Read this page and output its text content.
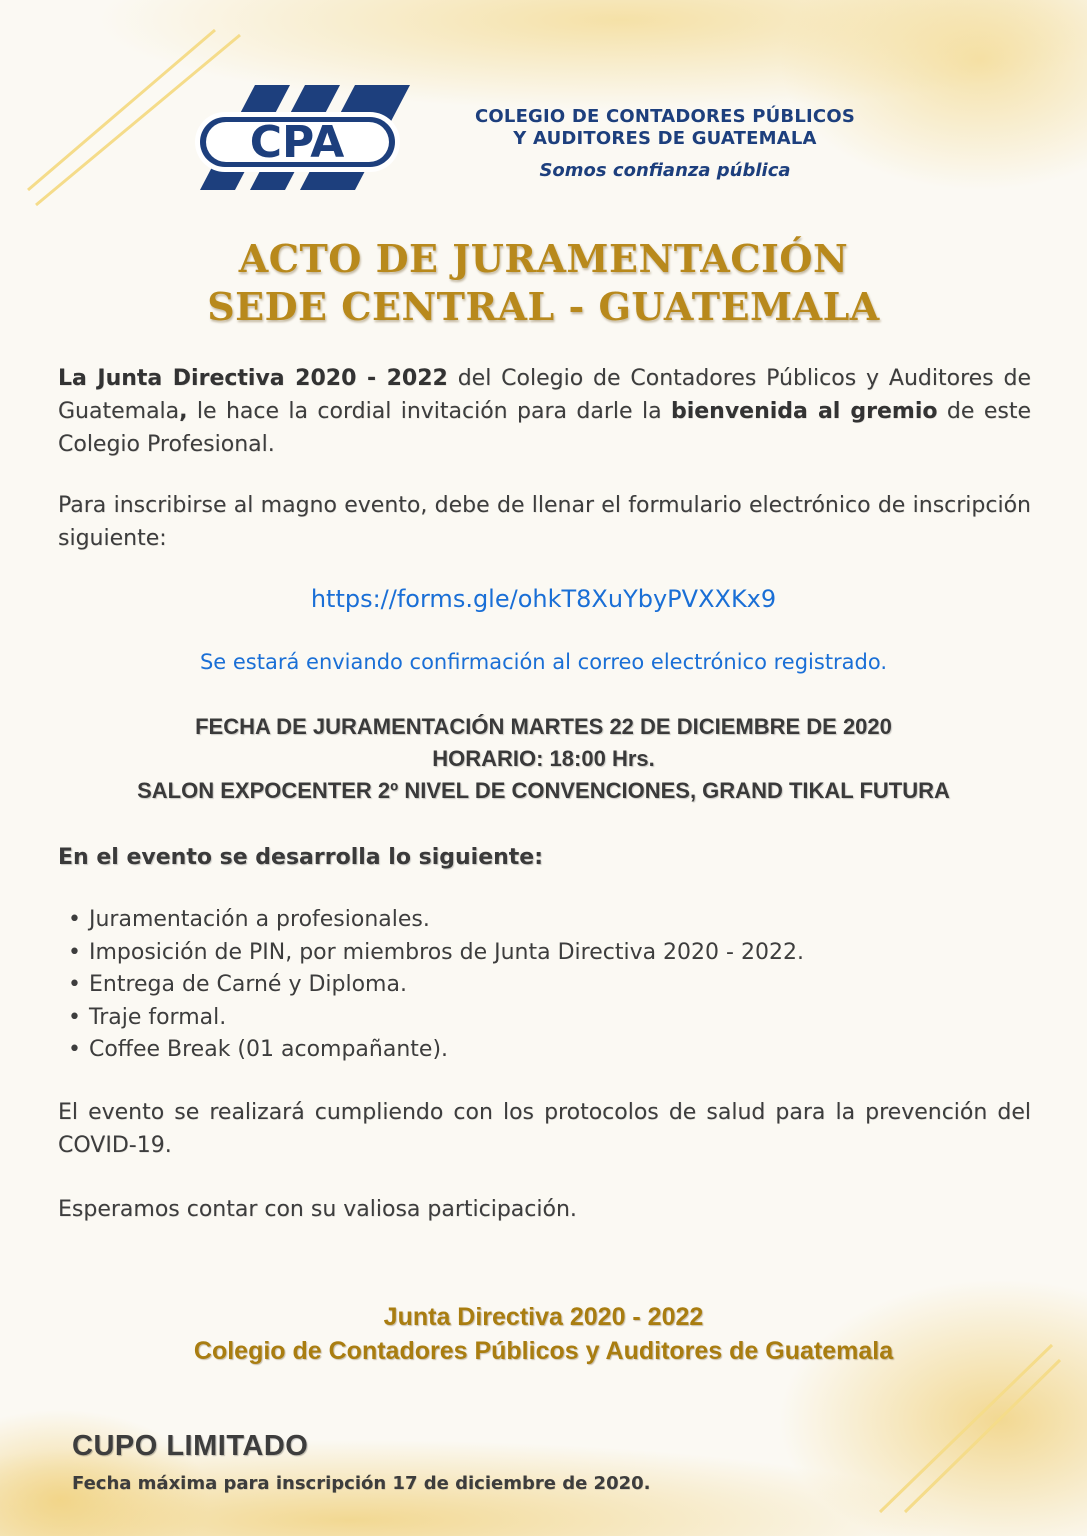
CPA
COLEGIO DE CONTADORES PÚBLICOS
Y AUDITORES DE GUATEMALA
Somos confianza pública
ACTO DE JURAMENTACIÓN
SEDE CENTRAL - GUATEMALA
La Junta Directiva 2020 - 2022 del Colegio de Contadores Públicos y Auditores de Guatemala, le hace la cordial invitación para darle la bienvenida al gremio de este Colegio Profesional.
Para inscribirse al magno evento, debe de llenar el formulario electrónico de inscripción siguiente:
https://forms.gle/ohkT8XuYbyPVXXKx9
Se estará enviando confirmación al correo electrónico registrado.
FECHA DE JURAMENTACIÓN MARTES 22 DE DICIEMBRE DE 2020
HORARIO: 18:00 Hrs.
SALON EXPOCENTER 2º NIVEL DE CONVENCIONES, GRAND TIKAL FUTURA
En el evento se desarrolla lo siguiente:
• Juramentación a profesionales.
• Imposición de PIN, por miembros de Junta Directiva 2020 - 2022.
• Entrega de Carné y Diploma.
• Traje formal.
• Coffee Break (01 acompañante).
El evento se realizará cumpliendo con los protocolos de salud para la prevención del COVID-19.
Esperamos contar con su valiosa participación.
Junta Directiva 2020 - 2022
Colegio de Contadores Públicos y Auditores de Guatemala
CUPO LIMITADO
Fecha máxima para inscripción 17 de diciembre de 2020.
